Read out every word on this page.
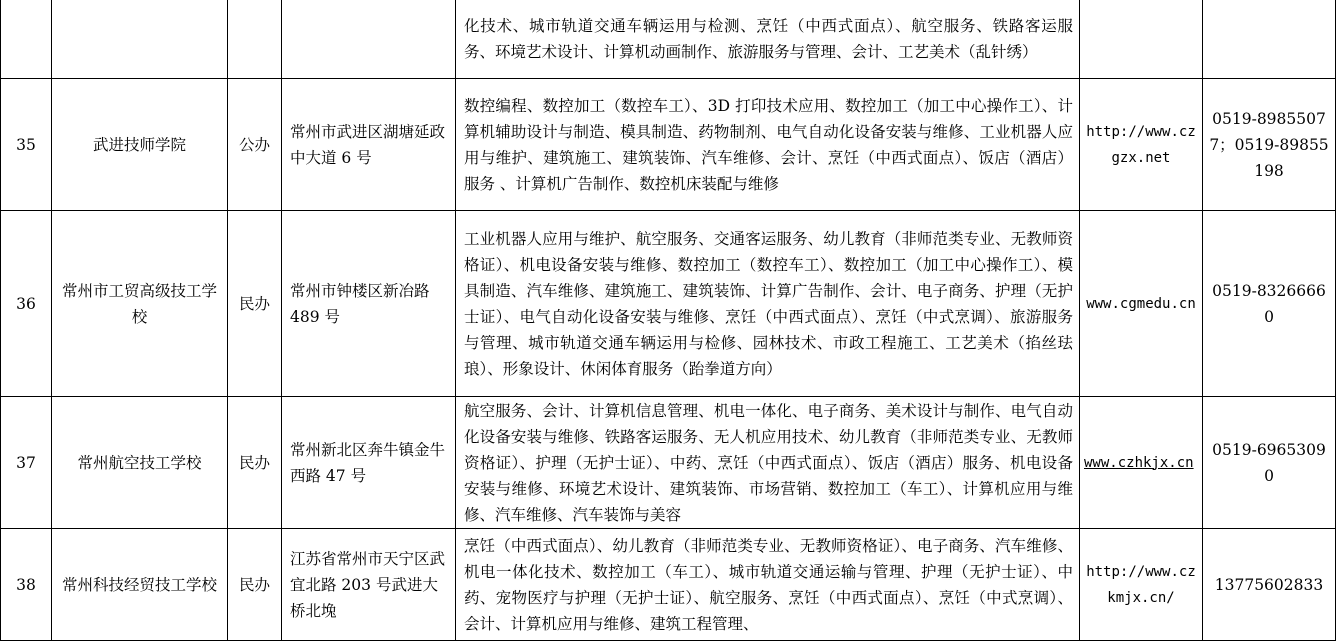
				化技术、城市轨道交通车辆运用与检测、烹饪（中西式面点）、航空服务、铁路客运服务、环境艺术设计、计算机动画制作、旅游服务与管理、会计、工艺美术（乱针绣）		
35	武进技师学院	公办	常州市武进区湖塘延政中大道 6 号	数控编程、数控加工（数控车工）、3D 打印技术应用、数控加工（加工中心操作工）、计算机辅助设计与制造、模具制造、药物制剂、电气自动化设备安装与维修、工业机器人应用与维护、建筑施工、建筑装饰、汽车维修、会计、烹饪（中西式面点）、饭店（酒店）服务 、计算机广告制作、数控机床装配与维修	http://www.czgzx.net	0519-89855077；0519-89855198
36	常州市工贸高级技工学校	民办	常州市钟楼区新冶路 489 号	工业机器人应用与维护、航空服务、交通客运服务、幼儿教育（非师范类专业、无教师资格证）、机电设备安装与维修、数控加工（数控车工）、数控加工（加工中心操作工）、模具制造、汽车维修、建筑施工、建筑装饰、计算广告制作、会计、电子商务、护理（无护士证）、电气自动化设备安装与维修、烹饪（中西式面点）、烹饪（中式烹调）、旅游服务与管理、城市轨道交通车辆运用与检修、园林技术、市政工程施工、工艺美术（掐丝珐琅）、形象设计、休闲体育服务（跆拳道方向）	www.cgmedu.cn	0519-83266660
37	常州航空技工学校	民办	常州新北区奔牛镇金牛西路 47 号	航空服务、会计、计算机信息管理、机电一体化、电子商务、美术设计与制作、电气自动化设备安装与维修、铁路客运服务、无人机应用技术、幼儿教育（非师范类专业、无教师资格证）、护理（无护士证）、中药、烹饪（中西式面点）、饭店（酒店）服务、机电设备安装与维修、环境艺术设计、建筑装饰、市场营销、数控加工（车工）、计算机应用与维修、汽车维修、汽车装饰与美容	www.czhkjx.cn	0519-69653090
38	常州科技经贸技工学校	民办	江苏省常州市天宁区武宜北路 203 号武进大桥北堍	烹饪（中西式面点）、幼儿教育（非师范类专业、无教师资格证）、电子商务、汽车维修、机电一体化技术、数控加工（车工）、城市轨道交通运输与管理、护理（无护士证）、中药、宠物医疗与护理（无护士证）、航空服务、烹饪（中西式面点）、烹饪（中式烹调）、会计、计算机应用与维修、建筑工程管理、	http://www.czkmjx.cn/	13775602833
